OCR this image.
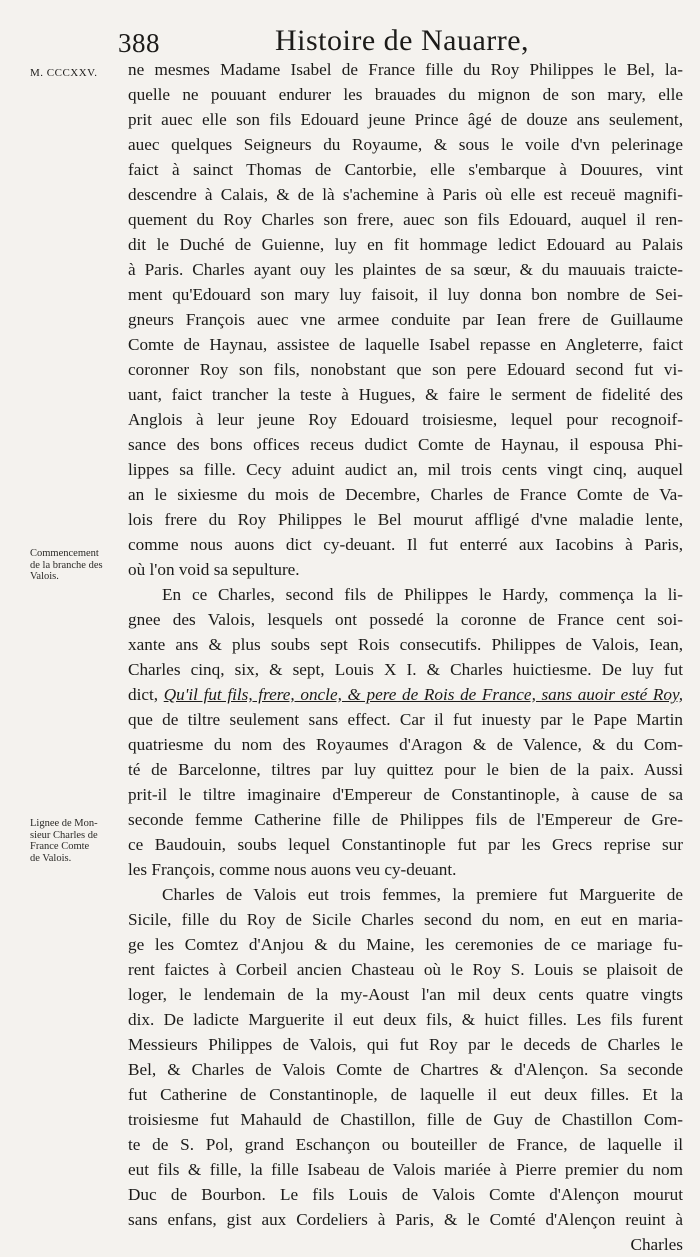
388	Histoire de Nauarre,
M. CCCXXV.
Commencement
de la branche des
Valois.
Lignee de Mon-
sieur Charles de
France Comte
de Valois.
ne mesmes Madame Isabel de France fille du Roy Philippes le Bel, la-
quelle ne pouuant endurer les brauades du mignon de son mary, elle
prit auec elle son fils Edouard jeune Prince âgé de douze ans seulement,
auec quelques Seigneurs du Royaume, & sous le voile d'vn pelerinage
faict à sainct Thomas de Cantorbie, elle s'embarque à Douures, vint
descendre à Calais, & de là s'achemine à Paris où elle est receuë magnifi-
quement du Roy Charles son frere, auec son fils Edouard, auquel il ren-
dit le Duché de Guienne, luy en fit hommage ledict Edouard au Palais
à Paris. Charles ayant ouy les plaintes de sa sœur, & du mauuais traicte-
ment qu'Edouard son mary luy faisoit, il luy donna bon nombre de Sei-
gneurs François auec vne armee conduite par Iean frere de Guillaume
Comte de Haynau, assistee de laquelle Isabel repasse en Angleterre, faict
coronner Roy son fils, nonobstant que son pere Edouard second fut vi-
uant, faict trancher la teste à Hugues, & faire le serment de fidelité des
Anglois à leur jeune Roy Edouard troisiesme, lequel pour recognoif-
sance des bons offices receus dudict Comte de Haynau, il espousa Phi-
lippes sa fille. Cecy aduint audict an, mil trois cents vingt cinq, auquel
an le sixiesme du mois de Decembre, Charles de France Comte de Va-
lois frere du Roy Philippes le Bel mourut affligé d'vne maladie lente,
comme nous auons dict cy-deuant. Il fut enterré aux Iacobins à Paris,
où l'on void sa sepulture.
En ce Charles, second fils de Philippes le Hardy, commença la li-
gnee des Valois, lesquels ont possedé la coronne de France cent soi-
xante ans & plus soubs sept Rois consecutifs. Philippes de Valois, Iean,
Charles cinq, six, & sept, Louis X I. & Charles huictiesme. De luy fut
dict, Qu'il fut fils, frere, oncle, & pere de Rois de France, sans auoir esté Roy,
que de tiltre seulement sans effect. Car il fut inuesty par le Pape Martin
quatriesme du nom des Royaumes d'Aragon & de Valence, & du Com-
té de Barcelonne, tiltres par luy quittez pour le bien de la paix. Aussi
prit-il le tiltre imaginaire d'Empereur de Constantinople, à cause de sa
seconde femme Catherine fille de Philippes fils de l'Empereur de Gre-
ce Baudouin, soubs lequel Constantinople fut par les Grecs reprise sur
les François, comme nous auons veu cy-deuant.
Charles de Valois eut trois femmes, la premiere fut Marguerite de
Sicile, fille du Roy de Sicile Charles second du nom, en eut en maria-
ge les Comtez d'Anjou & du Maine, les ceremonies de ce mariage fu-
rent faictes à Corbeil ancien Chasteau où le Roy S. Louis se plaisoit de
loger, le lendemain de la my-Aoust l'an mil deux cents quatre vingts
dix. De ladicte Marguerite il eut deux fils, & huict filles. Les fils furent
Messieurs Philippes de Valois, qui fut Roy par le deceds de Charles le
Bel, & Charles de Valois Comte de Chartres & d'Alençon. Sa seconde
fut Catherine de Constantinople, de laquelle il eut deux filles. Et la
troisiesme fut Mahauld de Chastillon, fille de Guy de Chastillon Com-
te de S. Pol, grand Eschançon ou bouteiller de France, de laquelle il
eut fils & fille, la fille Isabeau de Valois mariée à Pierre premier du nom
Duc de Bourbon. Le fils Louis de Valois Comte d'Alençon mourut
sans enfans, gist aux Cordeliers à Paris, & le Comté d'Alençon reuint à
Charles
